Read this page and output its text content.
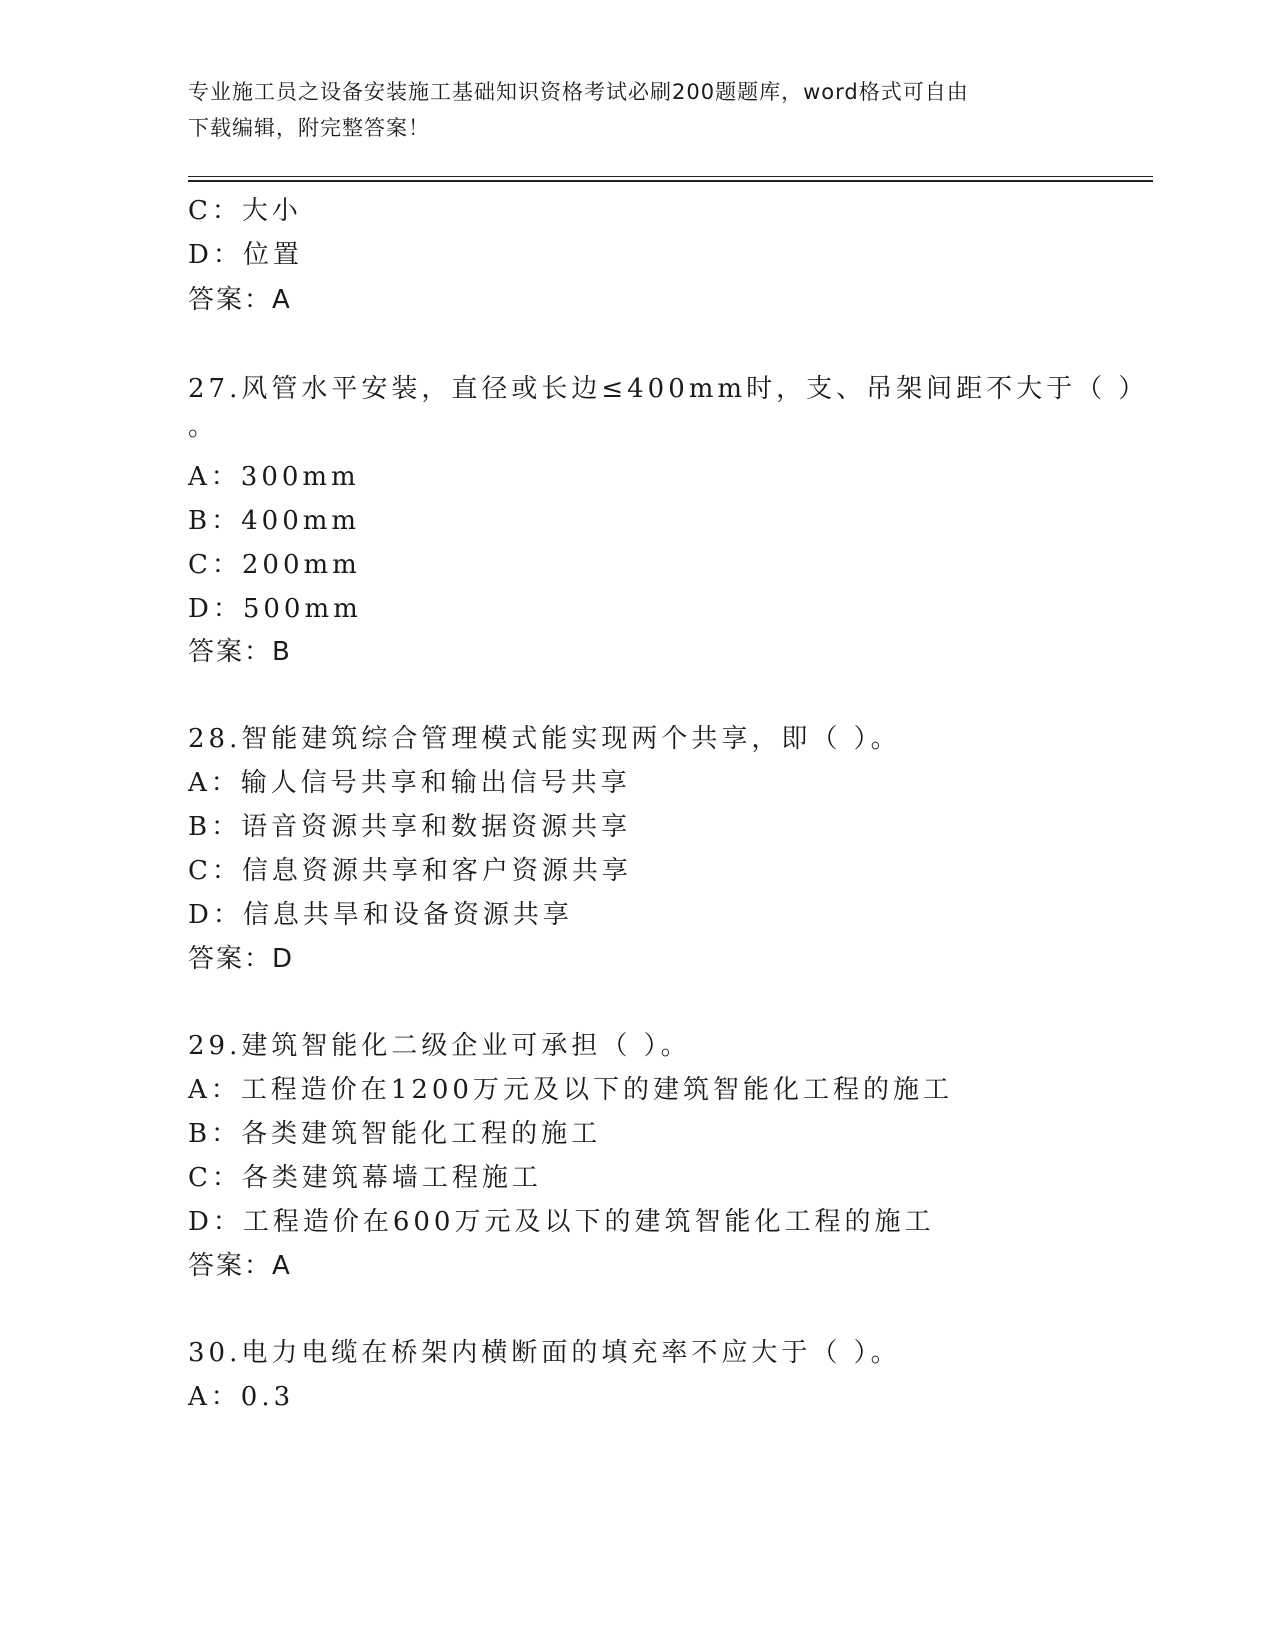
专业施工员之设备安装施工基础知识资格考试必刷200题题库，word格式可自由
下载编辑，附完整答案！
C：大小
D：位置
答案：A
27.风管水平安装，直径或长边≤400mm时，支、吊架间距不大于（ ）
。
A：300mm
B：400mm
C：200mm
D：500mm
答案：B
28.智能建筑综合管理模式能实现两个共享，即（ ）。
A：输人信号共享和输出信号共享
B：语音资源共享和数据资源共享
C：信息资源共享和客户资源共享
D：信息共旱和设备资源共享
答案：D
29.建筑智能化二级企业可承担（ ）。
A：工程造价在1200万元及以下的建筑智能化工程的施工
B：各类建筑智能化工程的施工
C：各类建筑幕墙工程施工
D：工程造价在600万元及以下的建筑智能化工程的施工
答案：A
30.电力电缆在桥架内横断面的填充率不应大于（ ）。
A：0.3
